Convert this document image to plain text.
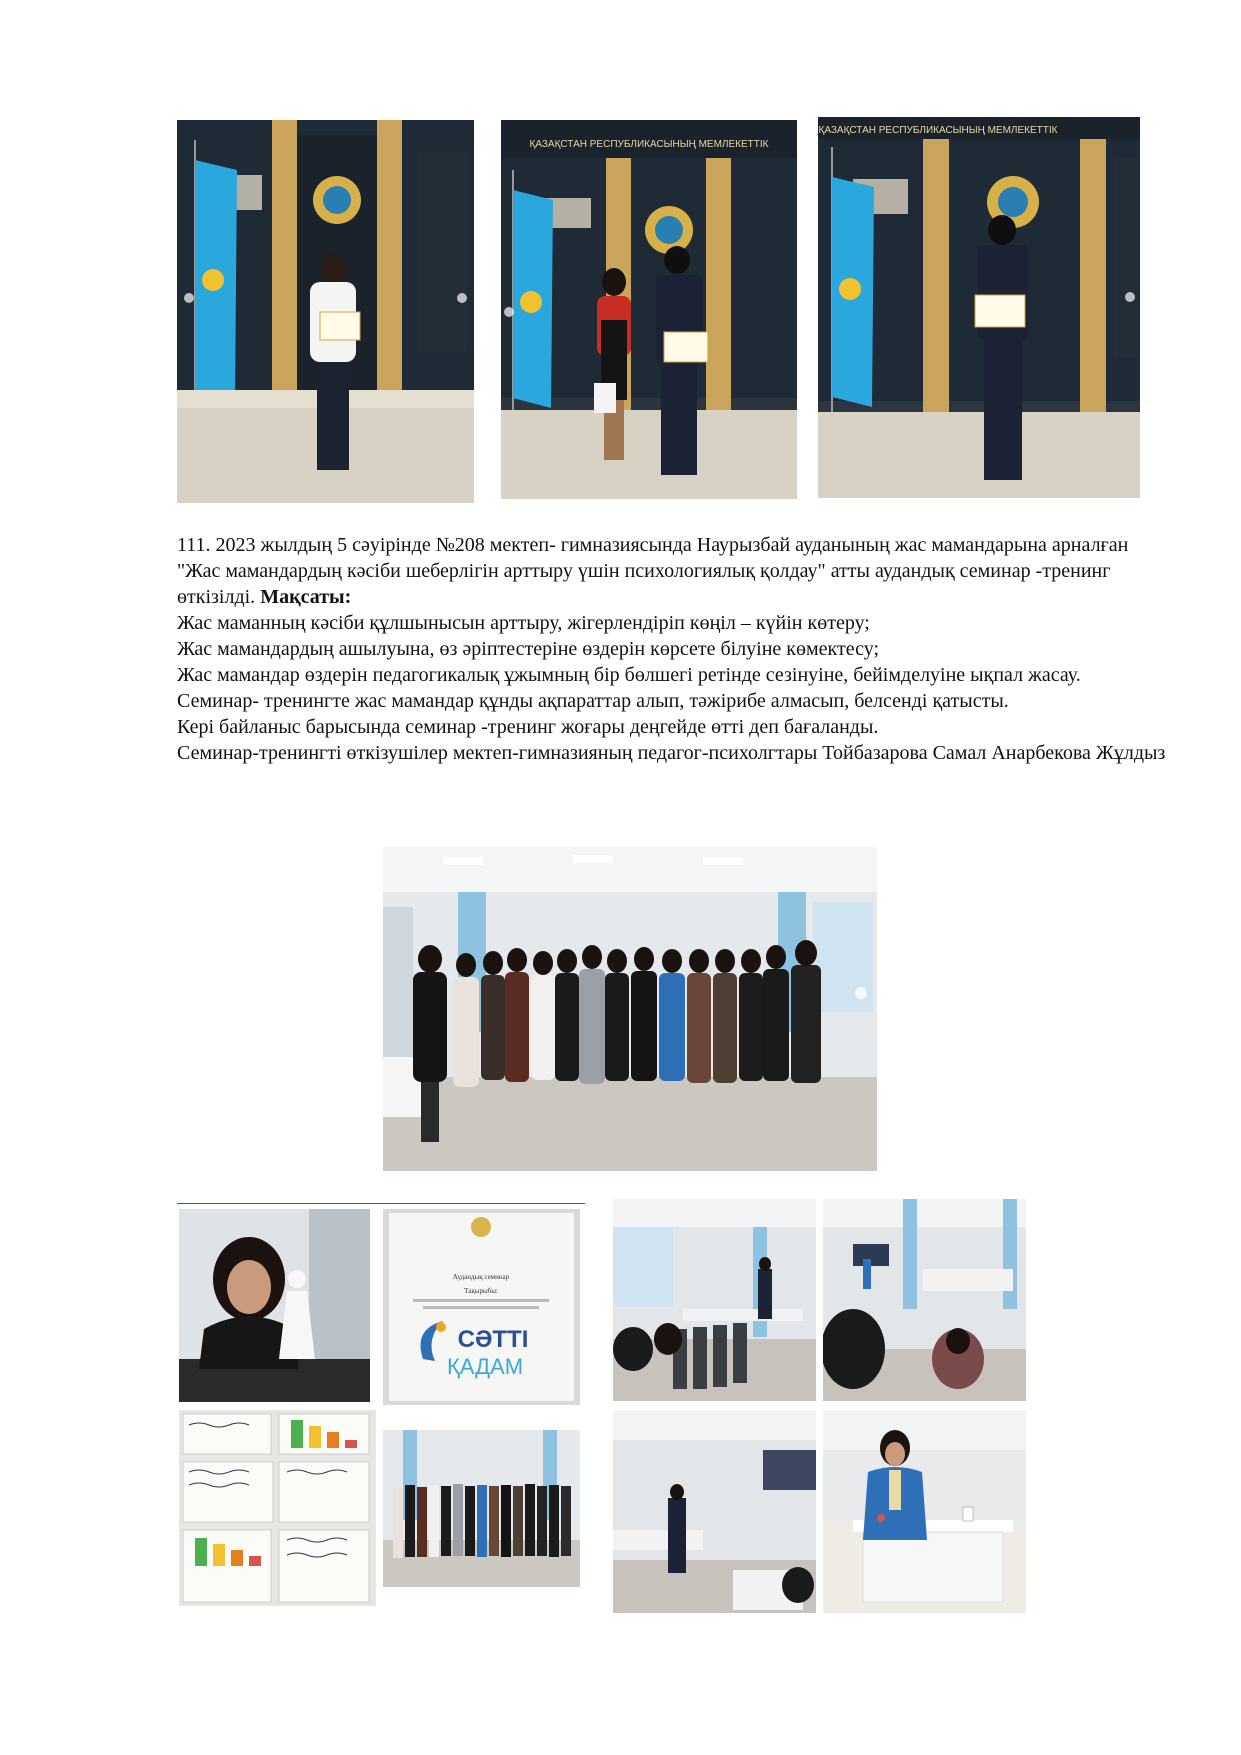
ҚАЗАҚСТАН РЕСПУБЛИКАСЫНЫҢ МЕМЛЕКЕТТІК
ҚАЗАҚСТАН РЕСПУБЛИКАСЫНЫҢ МЕМЛЕКЕТТІК

111. 2023 жылдың 5 сәуірінде №208 мектеп- гимназиясында Наурызбай ауданының жас мамандарына арналған "Жас мамандардың кәсіби шеберлігін арттыру үшін психологиялық қолдау" атты аудандық семинар -тренинг өткізілді. Мақсаты:

Жас маманның кәсіби құлшынысын арттыру, жігерлендіріп көңіл – күйін көтеру;

Жас мамандардың ашылуына, өз әріптестеріне өздерін көрсете білуіне көмектесу;

Жас мамандар өздерін педагогикалық ұжымның бір бөлшегі ретінде сезінуіне, бейімделуіне ықпал жасау.

Семинар- тренингте жас мамандар құнды ақпараттар алып, тәжірибе алмасып, белсенді қатысты.

Кері байланыс барысында семинар -тренинг жоғары деңгейде өтті деп бағаланды.

Семинар-тренингті өткізушілер мектеп-гимназияның педагог-психолгтары Тойбазарова Самал Анарбекова Жұлдыз

Аудандық семинар
Тақырыбы:
СӘТТІ
ҚАДАМ
